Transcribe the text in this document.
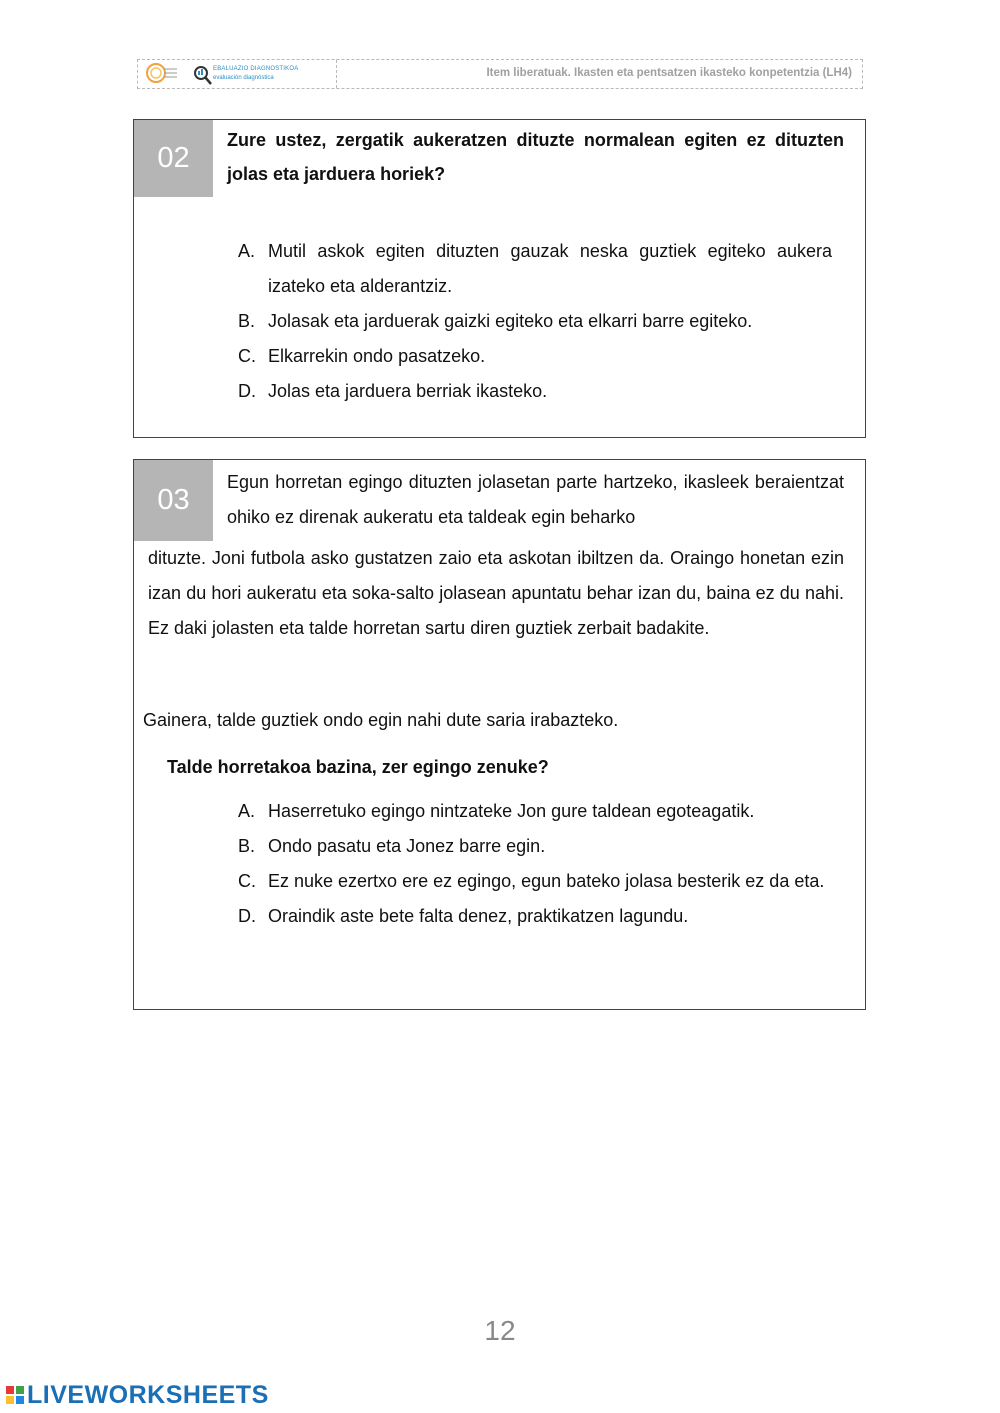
EBALUAZIO DIAGNOSTIKOA
evaluación diagnóstica	Item liberatuak. Ikasten eta pentsatzen ikasteko konpetentzia (LH4)
02
Zure ustez, zergatik aukeratzen dituzte normalean egiten ez dituzten jolas eta jarduera horiek?
A. Mutil askok egiten dituzten gauzak neska guztiek egiteko aukera izateko eta alderantziz.
B. Jolasak eta jarduerak gaizki egiteko eta elkarri barre egiteko.
C. Elkarrekin ondo pasatzeko.
D. Jolas eta jarduera berriak ikasteko.
03
Egun horretan egingo dituzten jolasetan parte hartzeko, ikasleek beraientzat ohiko ez direnak aukeratu eta taldeak egin beharko
dituzte. Joni futbola asko gustatzen zaio eta askotan ibiltzen da. Oraingo honetan ezin izan du hori aukeratu eta soka-salto jolasean apuntatu behar izan du, baina ez du nahi. Ez daki jolasten eta talde horretan sartu diren guztiek zerbait badakite.
Gainera, talde guztiek ondo egin nahi dute saria irabazteko.
Talde horretakoa bazina, zer egingo zenuke?
A. Haserretuko egingo nintzateke Jon gure taldean egoteagatik.
B. Ondo pasatu eta Jonez barre egin.
C. Ez nuke ezertxo ere ez egingo, egun bateko jolasa besterik ez da eta.
D. Oraindik aste bete falta denez, praktikatzen lagundu.
12
LIVEWORKSHEETS
